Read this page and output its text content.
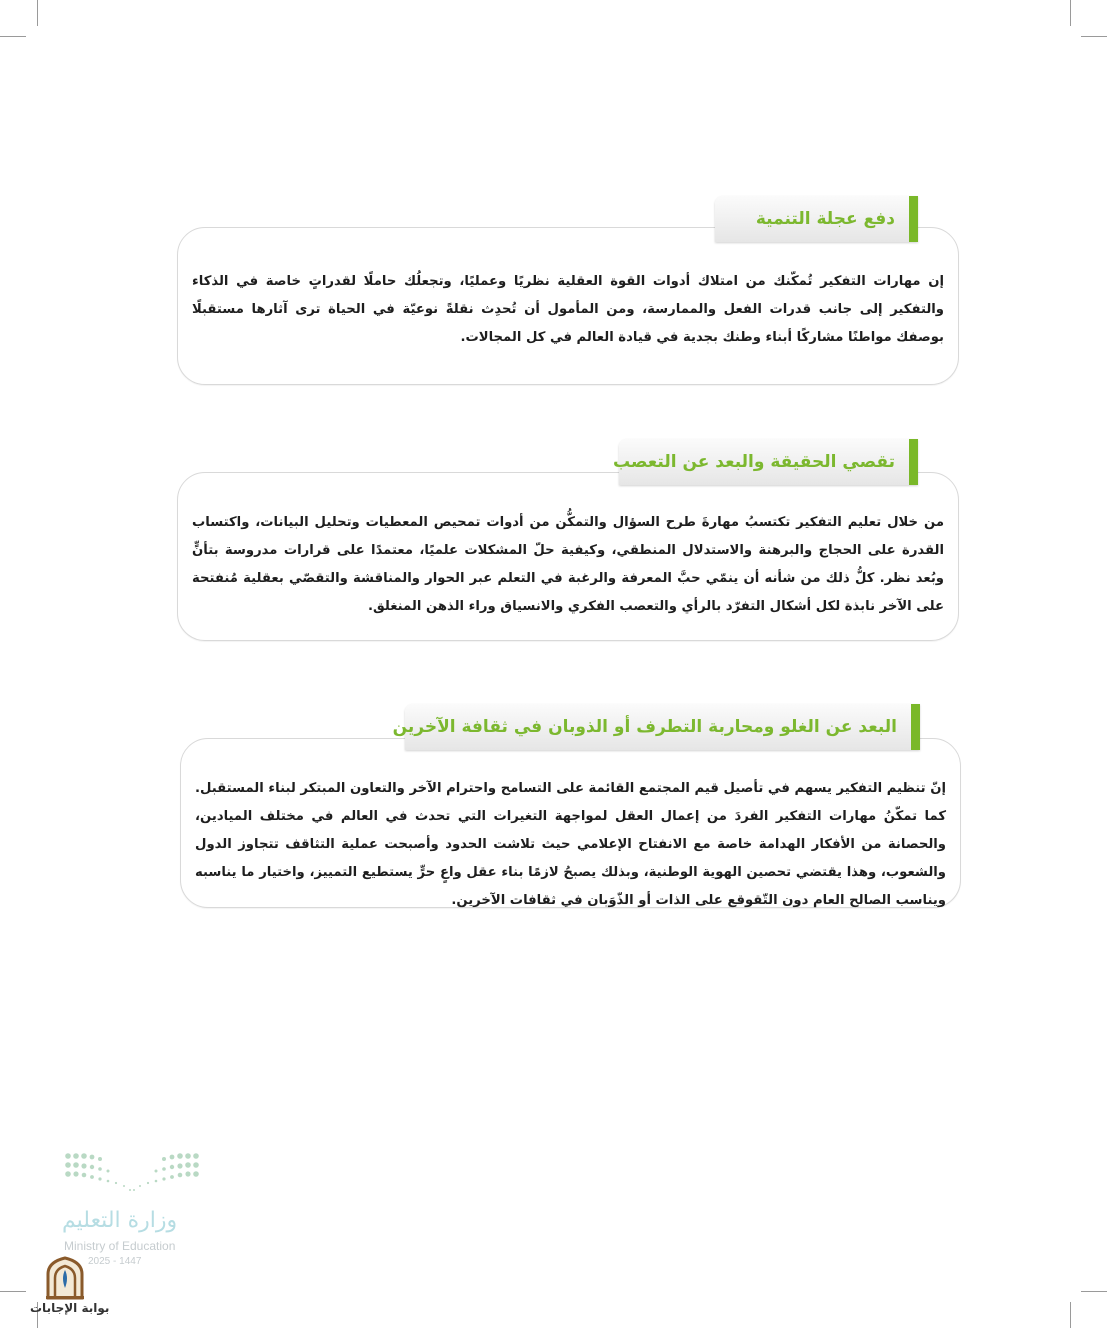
إن مهارات التفكير تُمكّنك من امتلاك أدوات القوة العقلية نظريًا وعمليًا، وتجعلُك حاملًا لقدراتٍ خاصة في الذكاء والتفكير إلى جانب قدرات الفعل والممارسة، ومن المأمول أن تُحدِث نقلةً نوعيّة في الحياة ترى آثارها مستقبلًا بوصفك مواطنًا مشاركًا أبناء وطنك بجدية في قيادة العالم في كل المجالات.

دفع عجلة التنمية

من خلال تعليم التفكير تكتسبُ مهارةَ طرح السؤال والتمكُّن من أدوات تمحيص المعطيات وتحليل البيانات، واكتساب القدرة على الحجاج والبرهنة والاستدلال المنطقي، وكيفية حلّ المشكلات علميًا، معتمدًا على قرارات مدروسة بتأنٍّ وبُعد نظر. كلُّ ذلك من شأنه أن ينمّي حبَّ المعرفة والرغبة في التعلم عبر الحوار والمناقشة والتقصّي بعقلية مُنفتحة على الآخر نابذة لكل أشكال التفرّد بالرأي والتعصب الفكري والانسياق وراء الذهن المنغلق.

تقصي الحقيقة والبعد عن التعصب

إنّ تنظيم التفكير يسهم في تأصيل قيم المجتمع القائمة على التسامح واحترام الآخر والتعاون المبتكر لبناء المستقبل. كما تمكّنُ مهارات التفكير الفردَ من إعمال العقل لمواجهة التغيرات التي تحدث في العالم في مختلف الميادين، والحصانة من الأفكار الهدامة خاصة مع الانفتاح الإعلامي حيث تلاشت الحدود وأصبحت عملية التثاقف تتجاوز الدول والشعوب، وهذا يقتضي تحصين الهوية الوطنية، وبذلك يصبحُ لازمًا بناء عقل واعٍ حرٍّ يستطيع التمييز، واختيار ما يناسبه ويناسب الصالح العام دون التّقوقع على الذات أو الذّوَبان في ثقافات الآخرين.

البعد عن الغلو ومحاربة التطرف أو الذوبان في ثقافة الآخرين
وزارة التعليم
Ministry of Education
2025 - 1447
بوابة الإجابات
